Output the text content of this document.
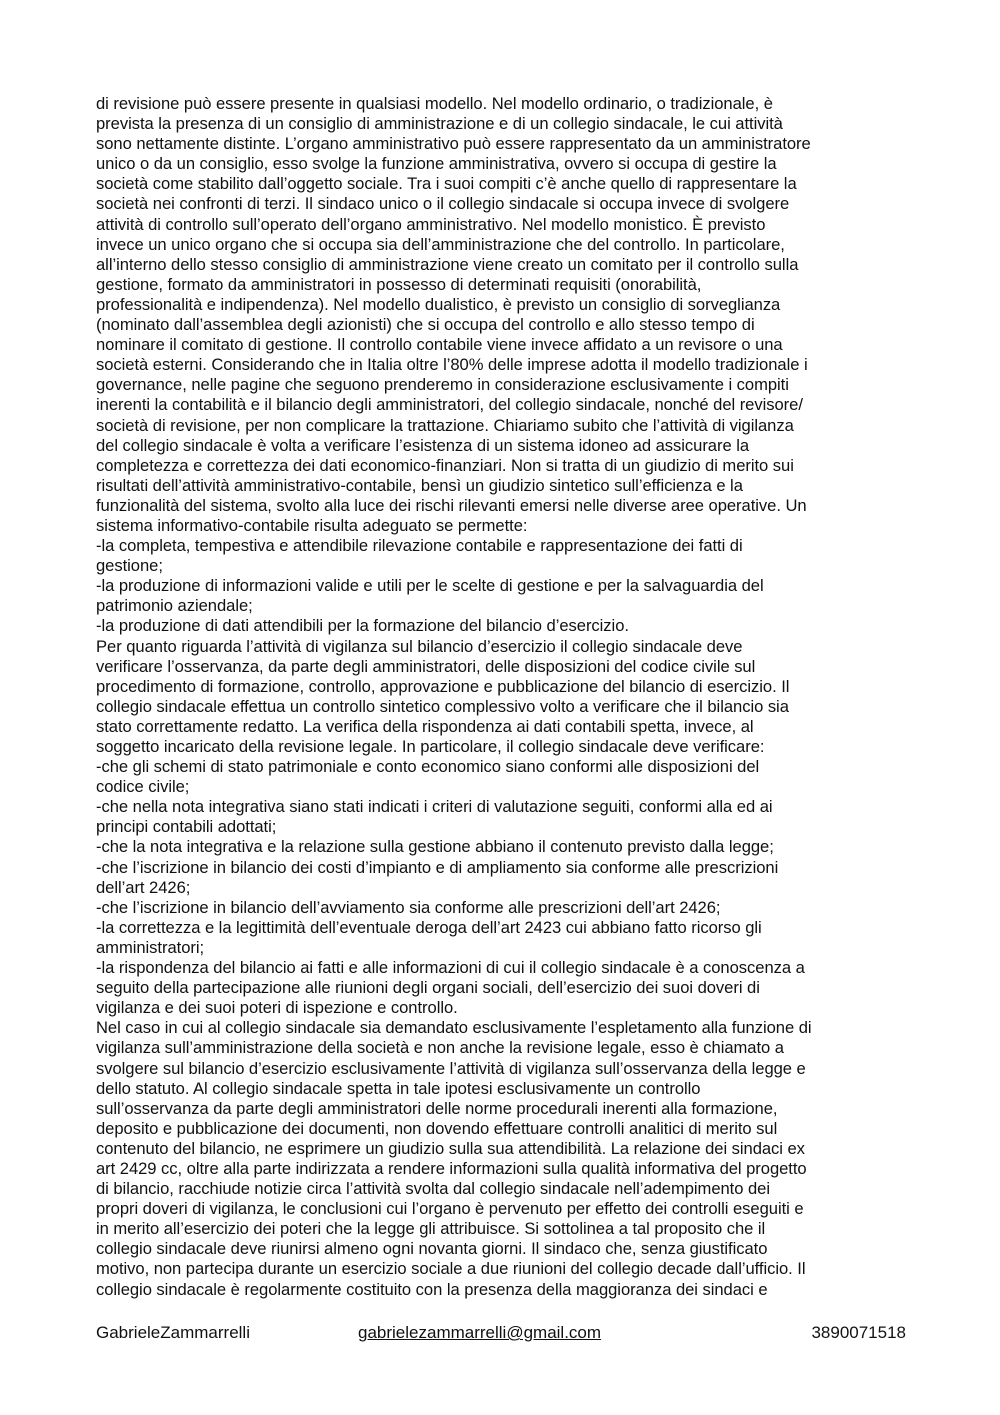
di revisione può essere presente in qualsiasi modello. Nel modello ordinario, o tradizionale, è
prevista la presenza di un consiglio di amministrazione e di un collegio sindacale, le cui attività
sono nettamente distinte. L’organo amministrativo può essere rappresentato da un amministratore
unico o da un consiglio, esso svolge la funzione amministrativa, ovvero si occupa di gestire la
società come stabilito dall’oggetto sociale. Tra i suoi compiti c’è anche quello di rappresentare la
società nei confronti di terzi. Il sindaco unico o il collegio sindacale si occupa invece di svolgere
attività di controllo sull’operato dell’organo amministrativo. Nel modello monistico. È previsto
invece un unico organo che si occupa sia dell’amministrazione che del controllo. In particolare,
all’interno dello stesso consiglio di amministrazione viene creato un comitato per il controllo sulla
gestione, formato da amministratori in possesso di determinati requisiti (onorabilità,
professionalità e indipendenza). Nel modello dualistico, è previsto un consiglio di sorveglianza
(nominato dall’assemblea degli azionisti) che si occupa del controllo e allo stesso tempo di
nominare il comitato di gestione. Il controllo contabile viene invece affidato a un revisore o una
società esterni. Considerando che in Italia oltre l’80% delle imprese adotta il modello tradizionale i
governance, nelle pagine che seguono prenderemo in considerazione esclusivamente i compiti
inerenti la contabilità e il bilancio degli amministratori, del collegio sindacale, nonché del revisore/
società di revisione, per non complicare la trattazione. Chiariamo subito che l’attività di vigilanza
del collegio sindacale è volta a verificare l’esistenza di un sistema idoneo ad assicurare la
completezza e correttezza dei dati economico-finanziari. Non si tratta di un giudizio di merito sui
risultati dell’attività amministrativo-contabile, bensì un giudizio sintetico sull’efficienza e la
funzionalità del sistema, svolto alla luce dei rischi rilevanti emersi nelle diverse aree operative. Un
sistema informativo-contabile risulta adeguato se permette:
-la completa, tempestiva e attendibile rilevazione contabile e rappresentazione dei fatti di
gestione;
-la produzione di informazioni valide e utili per le scelte di gestione e per la salvaguardia del
patrimonio aziendale;
-la produzione di dati attendibili per la formazione del bilancio d’esercizio.
Per quanto riguarda l’attività di vigilanza sul bilancio d’esercizio il collegio sindacale deve
verificare l’osservanza, da parte degli amministratori, delle disposizioni del codice civile sul
procedimento di formazione, controllo, approvazione e pubblicazione del bilancio di esercizio. Il
collegio sindacale effettua un controllo sintetico complessivo volto a verificare che il bilancio sia
stato correttamente redatto. La verifica della rispondenza ai dati contabili spetta, invece, al
soggetto incaricato della revisione legale. In particolare, il collegio sindacale deve verificare:
-che gli schemi di stato patrimoniale e conto economico siano conformi alle disposizioni del
codice civile;
-che nella nota integrativa siano stati indicati i criteri di valutazione seguiti, conformi alla ed ai
principi contabili adottati;
-che la nota integrativa e la relazione sulla gestione abbiano il contenuto previsto dalla legge;
-che l’iscrizione in bilancio dei costi d’impianto e di ampliamento sia conforme alle prescrizioni
dell’art 2426;
-che l’iscrizione in bilancio dell’avviamento sia conforme alle prescrizioni dell’art 2426;
-la correttezza e la legittimità dell’eventuale deroga dell’art 2423 cui abbiano fatto ricorso gli
amministratori;
-la rispondenza del bilancio ai fatti e alle informazioni di cui il collegio sindacale è a conoscenza a
seguito della partecipazione alle riunioni degli organi sociali, dell’esercizio dei suoi doveri di
vigilanza e dei suoi poteri di ispezione e controllo.
Nel caso in cui al collegio sindacale sia demandato esclusivamente l’espletamento alla funzione di
vigilanza sull’amministrazione della società e non anche la revisione legale, esso è chiamato a
svolgere sul bilancio d’esercizio esclusivamente l’attività di vigilanza sull’osservanza della legge e
dello statuto. Al collegio sindacale spetta in tale ipotesi esclusivamente un controllo
sull’osservanza da parte degli amministratori delle norme procedurali inerenti alla formazione,
deposito e pubblicazione dei documenti, non dovendo effettuare controlli analitici di merito sul
contenuto del bilancio, ne esprimere un giudizio sulla sua attendibilità. La relazione dei sindaci ex
art 2429 cc, oltre alla parte indirizzata a rendere informazioni sulla qualità informativa del progetto
di bilancio, racchiude notizie circa l’attività svolta dal collegio sindacale nell’adempimento dei
propri doveri di vigilanza, le conclusioni cui l’organo è pervenuto per effetto dei controlli eseguiti e
in merito all’esercizio dei poteri che la legge gli attribuisce. Si sottolinea a tal proposito che il
collegio sindacale deve riunirsi almeno ogni novanta giorni. Il sindaco che, senza giustificato
motivo, non partecipa durante un esercizio sociale a due riunioni del collegio decade dall’ufficio. Il
collegio sindacale è regolarmente costituito con la presenza della maggioranza dei sindaci e
GabrieleZammarrelli	gabrielezammarrelli@gmail.com	3890071518
